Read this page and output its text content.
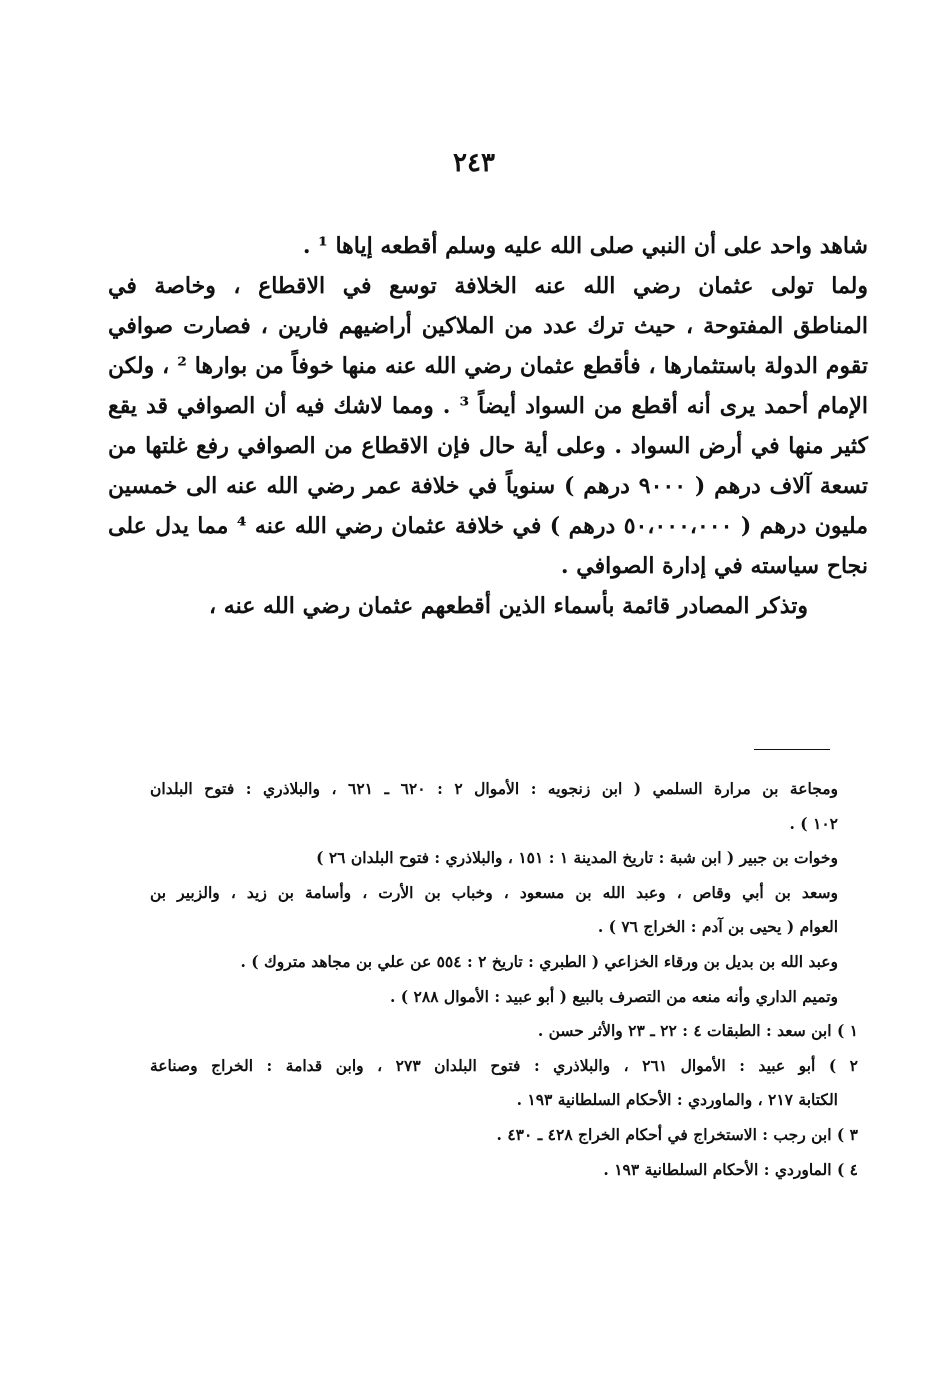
٢٤٣
شاهد واحد على أن النبي صلى الله عليه وسلم أقطعه إياها ¹ .
ولما تولى عثمان رضي الله عنه الخلافة توسع في الاقطاع ، وخاصة في
المناطق المفتوحة ، حيث ترك عدد من الملاكين أراضيهم فارين ، فصارت صوافي
تقوم الدولة باستثمارها ، فأقطع عثمان رضي الله عنه منها خوفاً من بوارها ² ، ولكن
الإمام أحمد يرى أنه أقطع من السواد أيضاً ³ . ومما لاشك فيه أن الصوافي قد يقع
كثير منها في أرض السواد . وعلى أية حال فإن الاقطاع من الصوافي رفع غلتها من
تسعة آلاف درهم ( ٩٠٠٠ درهم ) سنوياً في خلافة عمر رضي الله عنه الى خمسين
مليون درهم ( ٥٠،٠٠٠،٠٠٠ درهم ) في خلافة عثمان رضي الله عنه ⁴ مما يدل على
نجاح سياسته في إدارة الصوافي .
وتذكر المصادر قائمة بأسماء الذين أقطعهم عثمان رضي الله عنه ،
ومجاعة بن مرارة السلمي ( ابن زنجويه : الأموال ٢ : ٦٢٠ ـ ٦٢١ ، والبلاذري : فتوح البلدان
١٠٢ ) .
وخوات بن جبير ( ابن شبة : تاريخ المدينة ١ : ١٥١ ، والبلاذري : فتوح البلدان ٢٦ )
وسعد بن أبي وقاص ، وعبد الله بن مسعود ، وخباب بن الأرت ، وأسامة بن زيد ، والزبير بن
العوام ( يحيى بن آدم : الخراج ٧٦ ) .
وعبد الله بن بديل بن ورقاء الخزاعي ( الطبري : تاريخ ٢ : ٥٥٤ عن علي بن مجاهد متروك ) .
وتميم الداري وأنه منعه من التصرف بالبيع ( أبو عبيد : الأموال ٢٨٨ ) .
١ ) ابن سعد : الطبقات ٤ : ٢٢ ـ ٢٣ والأثر حسن .
٢ ) أبو عبيد : الأموال ٢٦١ ، والبلاذري : فتوح البلدان ٢٧٣ ، وابن قدامة : الخراج وصناعة
الكتابة ٢١٧ ، والماوردي : الأحكام السلطانية ١٩٣ .
٣ ) ابن رجب : الاستخراج في أحكام الخراج ٤٢٨ ـ ٤٣٠ .
٤ ) الماوردي : الأحكام السلطانية ١٩٣ .
